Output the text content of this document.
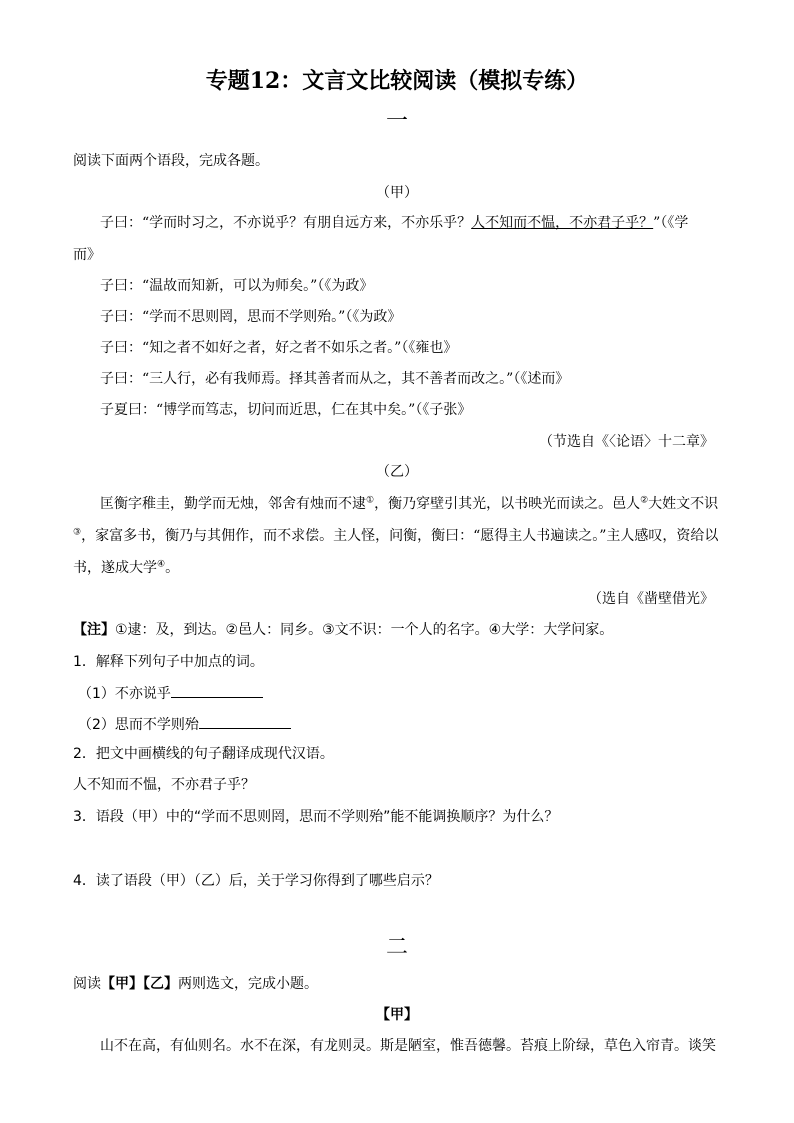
专题12：文言文比较阅读（模拟专练）
一
阅读下面两个语段，完成各题。
（甲）
子曰：“学而时习之，不亦说乎？有朋自远方来，不亦乐乎？人不知而不愠，不亦君子乎？”（《学
而》
子曰：“温故而知新，可以为师矣。”（《为政》
子曰：“学而不思则罔，思而不学则殆。”（《为政》
子曰：“知之者不如好之者，好之者不如乐之者。”（《雍也》
子曰：“三人行，必有我师焉。择其善者而从之，其不善者而改之。”（《述而》
子夏曰：“博学而笃志，切问而近思，仁在其中矣。”（《子张》
（节选自《〈论语〉十二章》
（乙）
匡衡字稚圭，勤学而无烛，邻舍有烛而不逮①，衡乃穿壁引其光，以书映光而读之。邑人②大姓文不识
③，家富多书，衡乃与其佣作，而不求偿。主人怪，问衡，衡曰：“愿得主人书遍读之。”主人感叹，资给以
书，遂成大学④。
（选自《凿壁借光》
【注】①逮：及，到达。②邑人：同乡。③文不识：一个人的名字。④大学：大学问家。
1．解释下列句子中加点的词。
（1）不亦说乎
（2）思而不学则殆
2．把文中画横线的句子翻译成现代汉语。
人不知而不愠，不亦君子乎？
3．语段（甲）中的“学而不思则罔，思而不学则殆”能不能调换顺序？为什么？
4．读了语段（甲）（乙）后，关于学习你得到了哪些启示？
二
阅读【甲】【乙】两则选文，完成小题。
【甲】
山不在高，有仙则名。水不在深，有龙则灵。斯是陋室，惟吾德馨。苔痕上阶绿，草色入帘青。谈笑
